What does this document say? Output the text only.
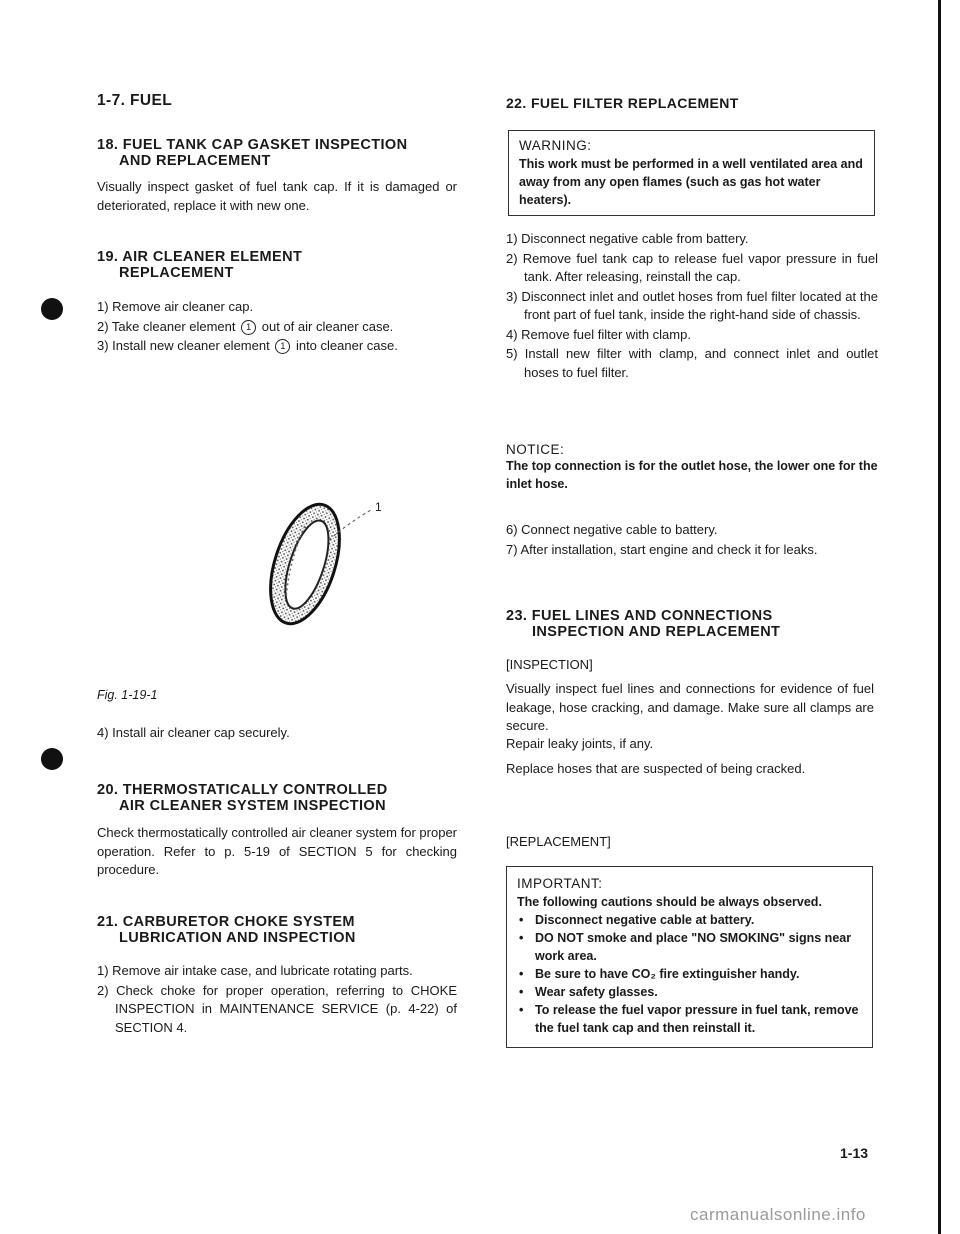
1-7. FUEL
18. FUEL TANK CAP GASKET INSPECTION
AND REPLACEMENT

Visually inspect gasket of fuel tank cap. If it is damaged or deteriorated, replace it with new one.

19. AIR CLEANER ELEMENT
REPLACEMENT

1) Remove air cleaner cap.

2) Take cleaner element 1 out of air cleaner case.

3) Install new cleaner element 1 into cleaner case.

1
Fig. 1-19-1

4) Install air cleaner cap securely.

20. THERMOSTATICALLY CONTROLLED
AIR CLEANER SYSTEM INSPECTION

Check thermostatically controlled air cleaner system for proper operation. Refer to p. 5-19 of SECTION 5 for checking procedure.

21. CARBURETOR CHOKE SYSTEM
LUBRICATION AND INSPECTION

1) Remove air intake case, and lubricate rotating parts.

2) Check choke for proper operation, referring to CHOKE INSPECTION in MAINTENANCE SERVICE (p. 4-22) of SECTION 4.

22. FUEL FILTER REPLACEMENT
WARNING:
This work must be performed in a well ventilated area and away from any open flames (such as gas hot water heaters).

1) Disconnect negative cable from battery.

2) Remove fuel tank cap to release fuel vapor pressure in fuel tank. After releasing, reinstall the cap.

3) Disconnect inlet and outlet hoses from fuel filter located at the front part of fuel tank, inside the right-hand side of chassis.

4) Remove fuel filter with clamp.

5) Install new filter with clamp, and connect inlet and outlet hoses to fuel filter.

NOTICE:
The top connection is for the outlet hose, the lower one for the inlet hose.

6) Connect negative cable to battery.

7) After installation, start engine and check it for leaks.

23. FUEL LINES AND CONNECTIONS
INSPECTION AND REPLACEMENT
[INSPECTION]

Visually inspect fuel lines and connections for evidence of fuel leakage, hose cracking, and damage. Make sure all clamps are secure.

Repair leaky joints, if any.

Replace hoses that are suspected of being cracked.

[REPLACEMENT]
IMPORTANT:
The following cautions should be always observed.
• Disconnect negative cable at battery.
• DO NOT smoke and place "NO SMOKING" signs near work area.
• Be sure to have CO₂ fire extinguisher handy.
• Wear safety glasses.
• To release the fuel vapor pressure in fuel tank, remove the fuel tank cap and then reinstall it.
1-13
carmanualsonline.info
